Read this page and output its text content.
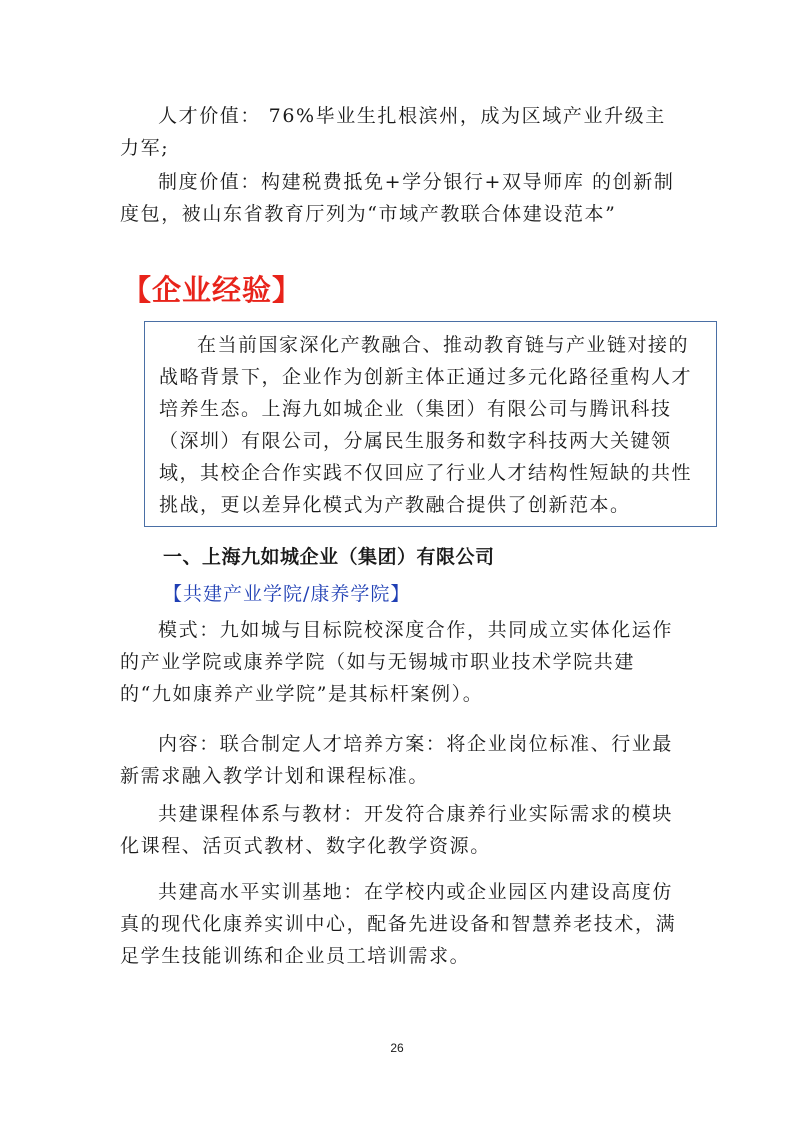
人才价值： 76%毕业生扎根滨州，成为区域产业升级主力军;

制度价值：构建税费抵免+学分银行+双导师库 的创新制度包，被山东省教育厅列为“市域产教联合体建设范本”

【企业经验】

在当前国家深化产教融合、推动教育链与产业链对接的战略背景下，企业作为创新主体正通过多元化路径重构人才培养生态。上海九如城企业（集团）有限公司与腾讯科技（深圳）有限公司，分属民生服务和数字科技两大关键领域，其校企合作实践不仅回应了行业人才结构性短缺的共性挑战，更以差异化模式为产教融合提供了创新范本。

一、上海九如城企业（集团）有限公司

【共建产业学院/康养学院】

模式：九如城与目标院校深度合作，共同成立实体化运作的产业学院或康养学院（如与无锡城市职业技术学院共建的“九如康养产业学院”是其标杆案例）。

内容：联合制定人才培养方案：将企业岗位标准、行业最新需求融入教学计划和课程标准。

共建课程体系与教材：开发符合康养行业实际需求的模块化课程、活页式教材、数字化教学资源。

共建高水平实训基地：在学校内或企业园区内建设高度仿真的现代化康养实训中心，配备先进设备和智慧养老技术，满足学生技能训练和企业员工培训需求。

26
